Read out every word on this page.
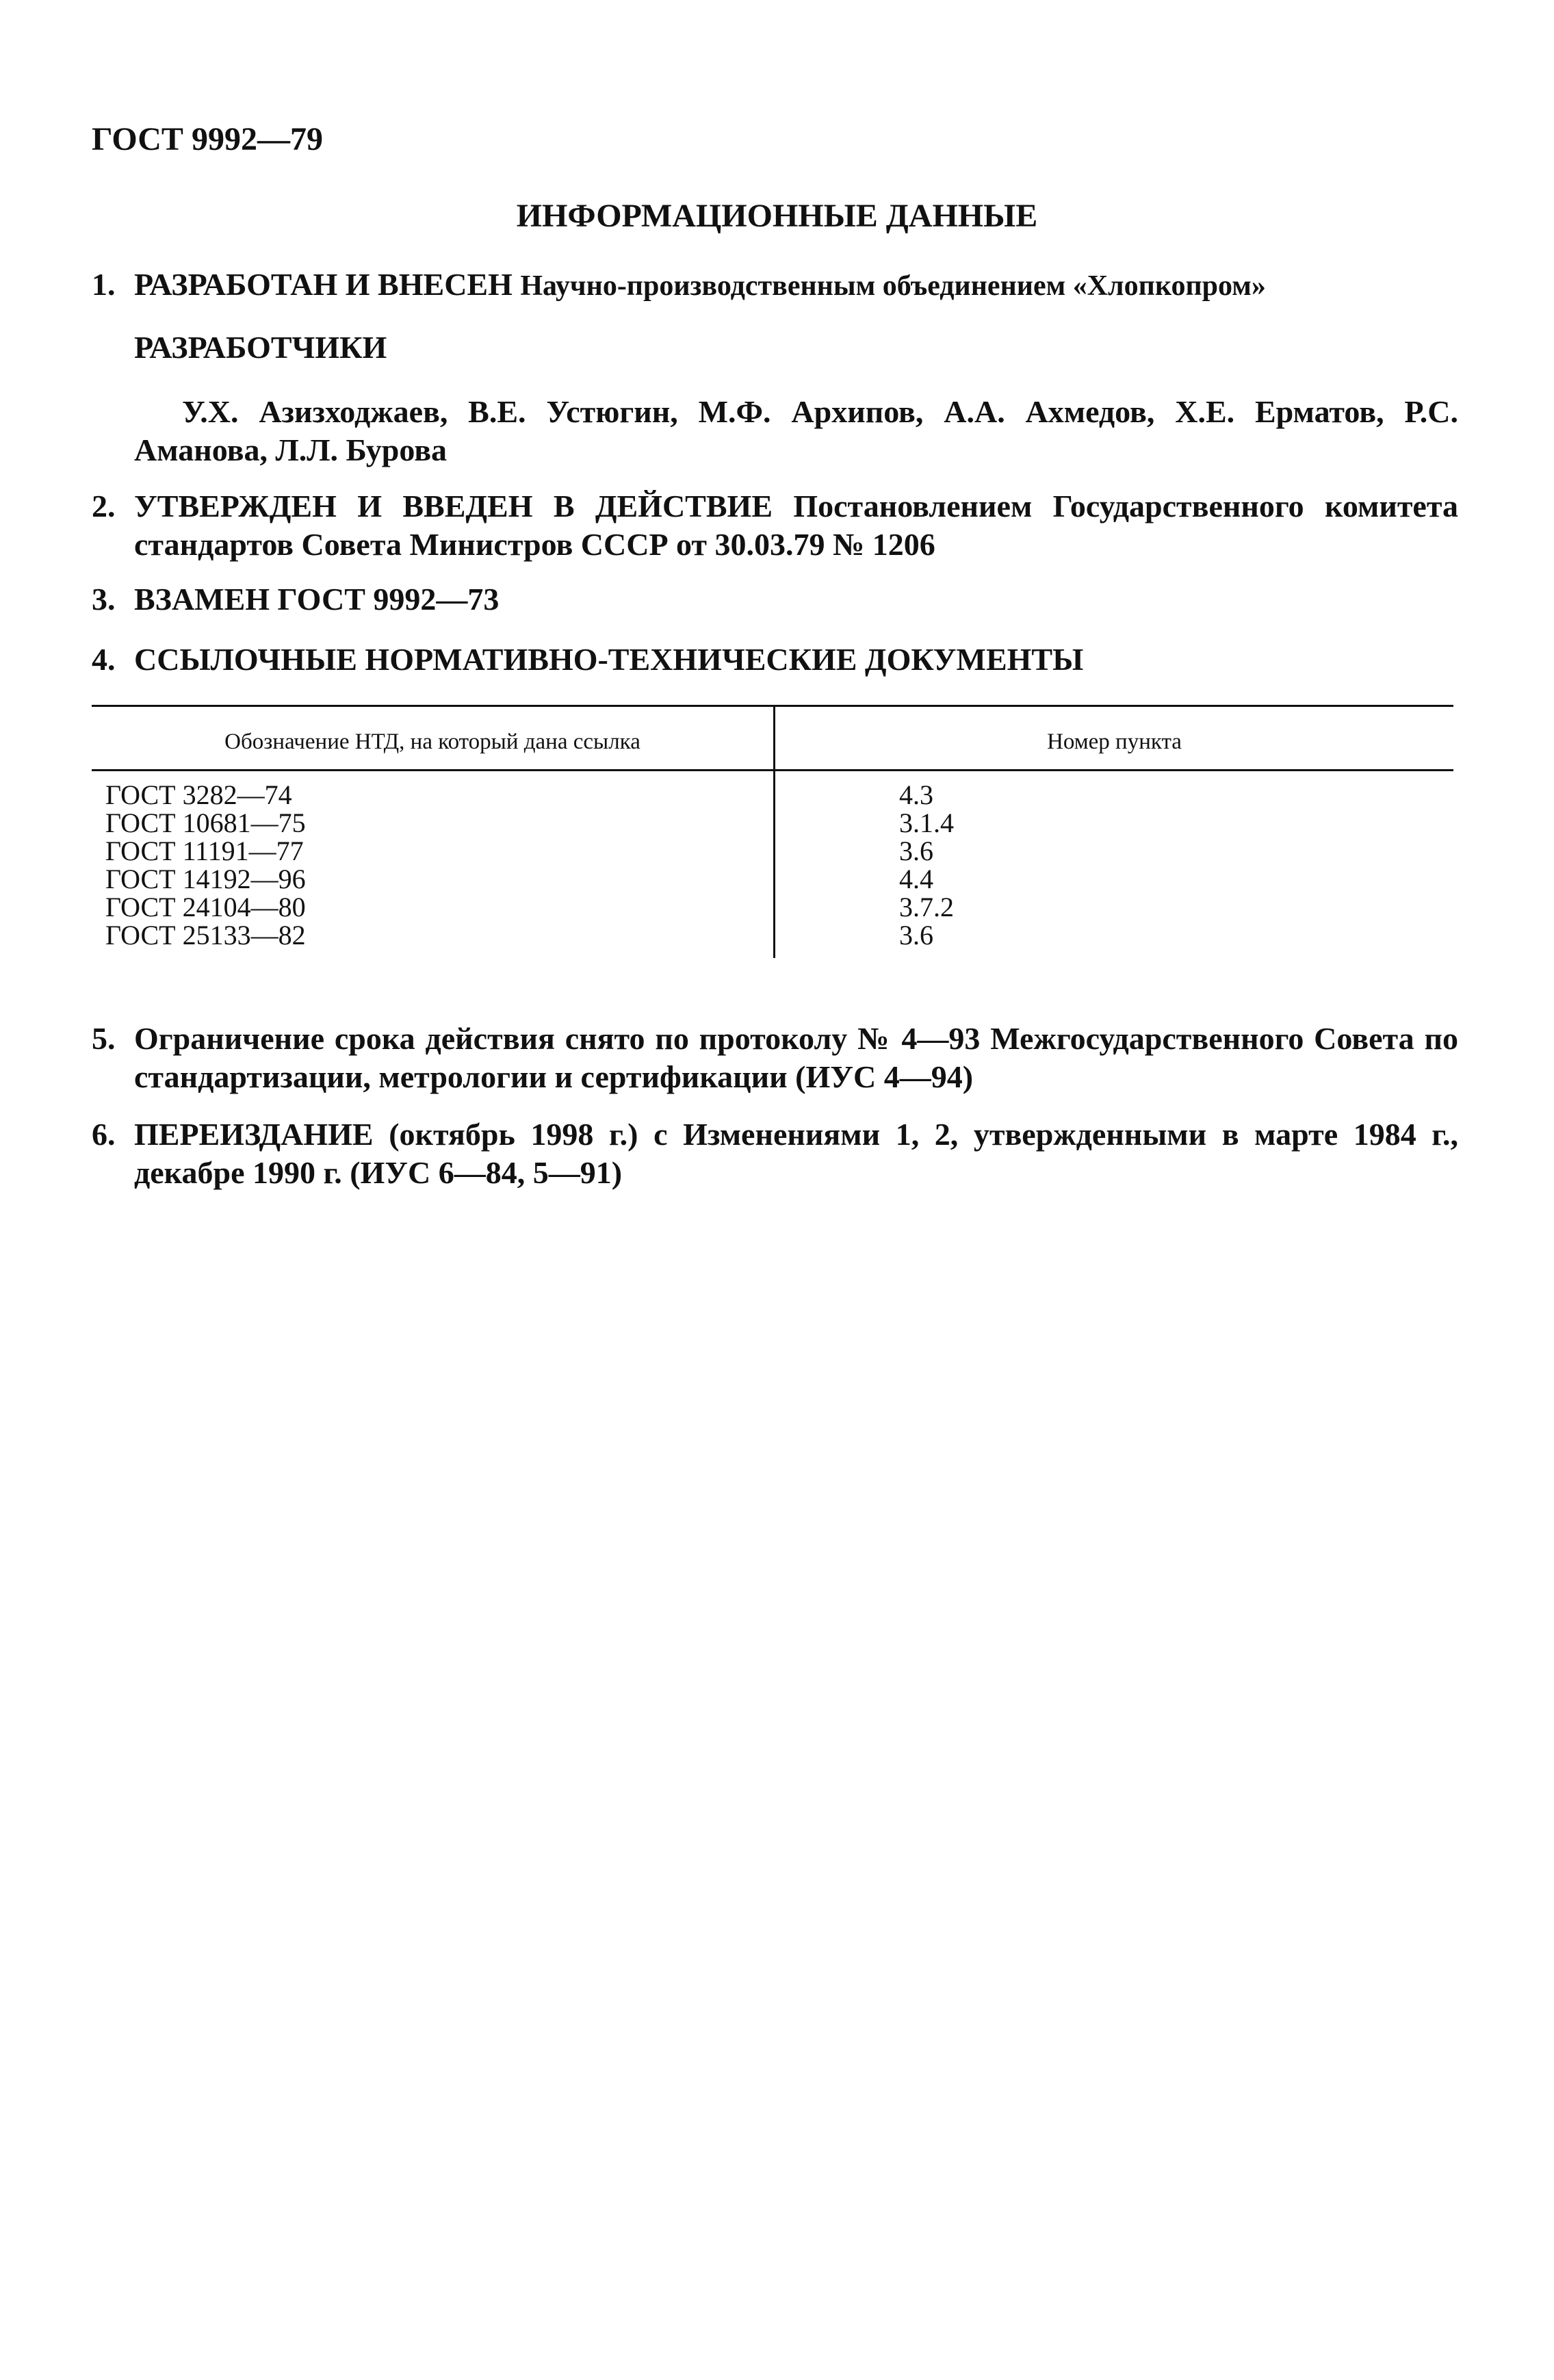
ГОСТ 9992—79
ИНФОРМАЦИОННЫЕ ДАННЫЕ
1. РАЗРАБОТАН И ВНЕСЕН Научно-производственным объединением «Хлопкопром»
РАЗРАБОТЧИКИ
У.Х. Азизходжаев, В.Е. Устюгин, М.Ф. Архипов, А.А. Ахмедов, Х.Е. Ерматов, Р.С. Аманова, Л.Л. Бурова
2. УТВЕРЖДЕН И ВВЕДЕН В ДЕЙСТВИЕ Постановлением Государственного комитета стандартов Совета Министров СССР от 30.03.79 № 1206
3. ВЗАМЕН ГОСТ 9992—73
4. ССЫЛОЧНЫЕ НОРМАТИВНО-ТЕХНИЧЕСКИЕ ДОКУМЕНТЫ
Обозначение НТД, на который дана ссылка	Номер пункта
ГОСТ 3282—74	4.3
ГОСТ 10681—75	3.1.4
ГОСТ 11191—77	3.6
ГОСТ 14192—96	4.4
ГОСТ 24104—80	3.7.2
ГОСТ 25133—82	3.6
5. Ограничение срока действия снято по протоколу № 4—93 Межгосударственного Совета по стандартизации, метрологии и сертификации (ИУС 4—94)
6. ПЕРЕИЗДАНИЕ (октябрь 1998 г.) с Изменениями 1, 2, утвержденными в марте 1984 г., декабре 1990 г. (ИУС 6—84, 5—91)
